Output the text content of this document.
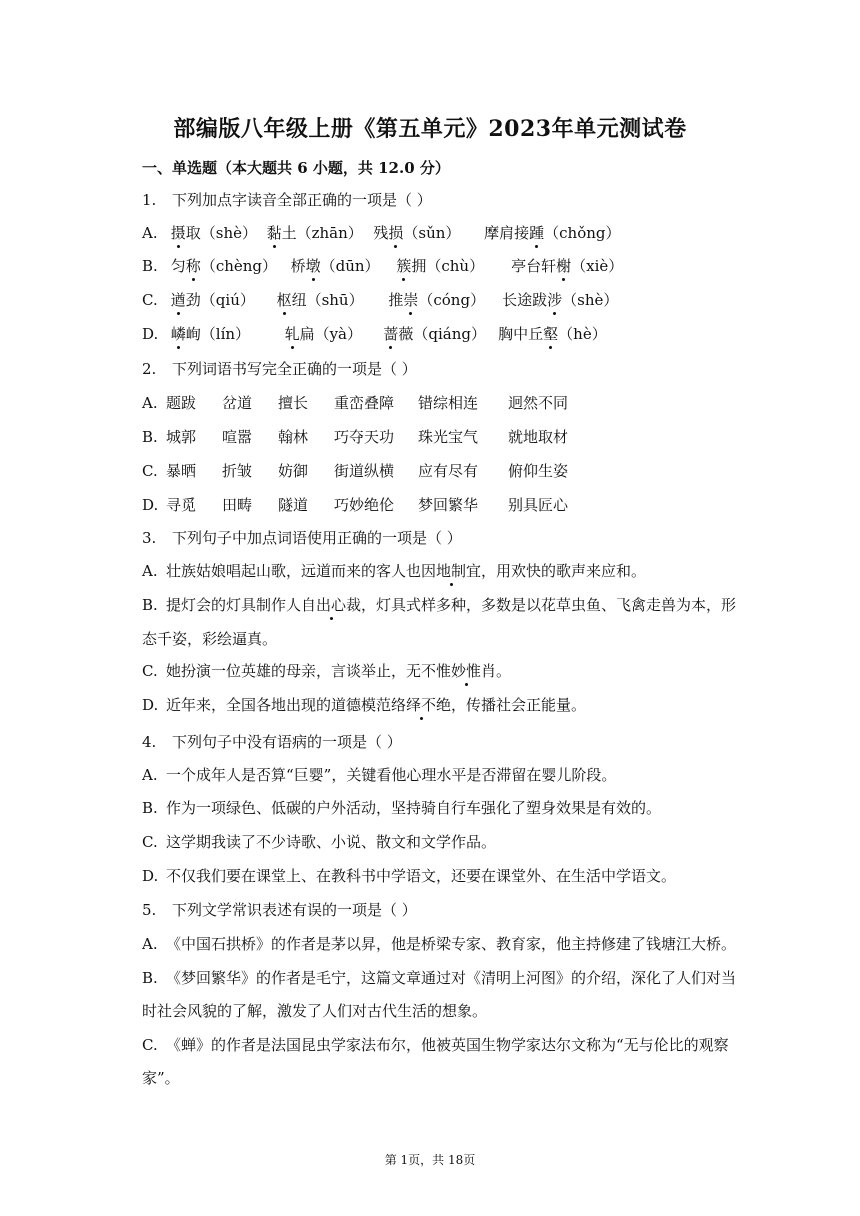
部编版八年级上册《第五单元》2023年单元测试卷
一、单选题（本大题共 6 小题，共 12.0 分）
1. 下列加点字读音全部正确的一项是（ ）
A. 摄取（shè） 黏土（zhān） 残损（sǔn） 摩肩接踵（chǒng）
B. 匀称（chèng） 桥墩（dūn） 簇拥（chù） 亭台轩榭（xiè）
C. 遒劲（qiú） 枢纽（shū） 推崇（cóng） 长途跋涉（shè）
D. 嶙峋（lín） 轧扁（yà） 蔷薇（qiáng） 胸中丘壑（hè）
2. 下列词语书写完全正确的一项是（ ）
A. 题跋 岔道 擅长 重峦叠障 错综相连 迥然不同
B. 城郭 喧嚣 翰林 巧夺天功 珠光宝气 就地取材
C. 暴晒 折皱 妨御 街道纵横 应有尽有 俯仰生姿
D. 寻觅 田畴 隧道 巧妙绝伦 梦回繁华 别具匠心
3. 下列句子中加点词语使用正确的一项是（ ）
A. 壮族姑娘唱起山歌，远道而来的客人也因地制宜，用欢快的歌声来应和。
B. 提灯会的灯具制作人自出心裁，灯具式样多种，多数是以花草虫鱼、飞禽走兽为本，形
态千姿，彩绘逼真。
C. 她扮演一位英雄的母亲，言谈举止，无不惟妙惟肖。
D. 近年来，全国各地出现的道德模范络绎不绝，传播社会正能量。
4. 下列句子中没有语病的一项是（ ）
A. 一个成年人是否算“巨婴”，关键看他心理水平是否滞留在婴儿阶段。
B. 作为一项绿色、低碳的户外活动，坚持骑自行车强化了塑身效果是有效的。
C. 这学期我读了不少诗歌、小说、散文和文学作品。
D. 不仅我们要在课堂上、在教科书中学语文，还要在课堂外、在生活中学语文。
5. 下列文学常识表述有误的一项是（ ）
A. 《中国石拱桥》的作者是茅以昇，他是桥梁专家、教育家，他主持修建了钱塘江大桥。
B. 《梦回繁华》的作者是毛宁，这篇文章通过对《清明上河图》的介绍，深化了人们对当
时社会风貌的了解，激发了人们对古代生活的想象。
C. 《蝉》的作者是法国昆虫学家法布尔，他被英国生物学家达尔文称为“无与伦比的观察
家”。
第 1页，共 18页
